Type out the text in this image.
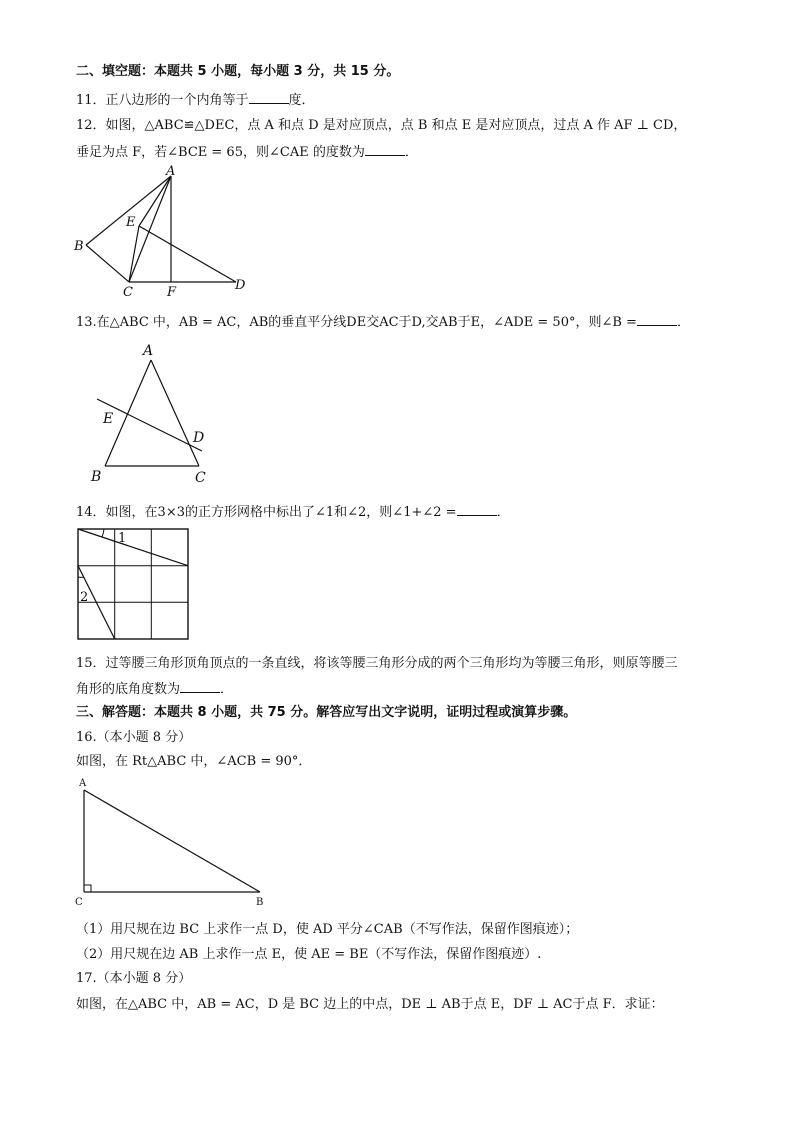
二、填空题：本题共 5 小题，每小题 3 分，共 15 分。
11．正八边形的一个内角等于	度．
12．如图，△ABC≌△DEC，点 A 和点 D 是对应顶点，点 B 和点 E 是对应顶点，过点 A 作 AF ⊥ CD，
垂足为点 F，若∠BCE = 65，则∠CAE 的度数为	．
A
B
C	D
E
F
13.在△ABC 中，AB = AC，AB的垂直平分线DE交AC于D,交AB于E，∠ADE = 50°，则∠B =	．
A
B	C
D
E
14．如图，在3×3的正方形网格中标出了∠1和∠2，则∠1+∠2 =	．
1
2
15．过等腰三角形顶角顶点的一条直线，将该等腰三角形分成的两个三角形均为等腰三角形，则原等腰三
角形的底角度数为	．
三、解答题：本题共 8 小题，共 75 分。解答应写出文字说明，证明过程或演算步骤。
16.（本小题 8 分）
如图，在 Rt△ABC 中，∠ACB = 90°．
A
C	B
（1）用尺规在边 BC 上求作一点 D，使 AD 平分∠CAB（不写作法，保留作图痕迹）；
（2）用尺规在边 AB 上求作一点 E，使 AE = BE（不写作法，保留作图痕迹）.
17.（本小题 8 分）
如图，在△ABC 中，AB = AC，D 是 BC 边上的中点，DE ⊥ AB于点 E，DF ⊥ AC于点 F．求证：
